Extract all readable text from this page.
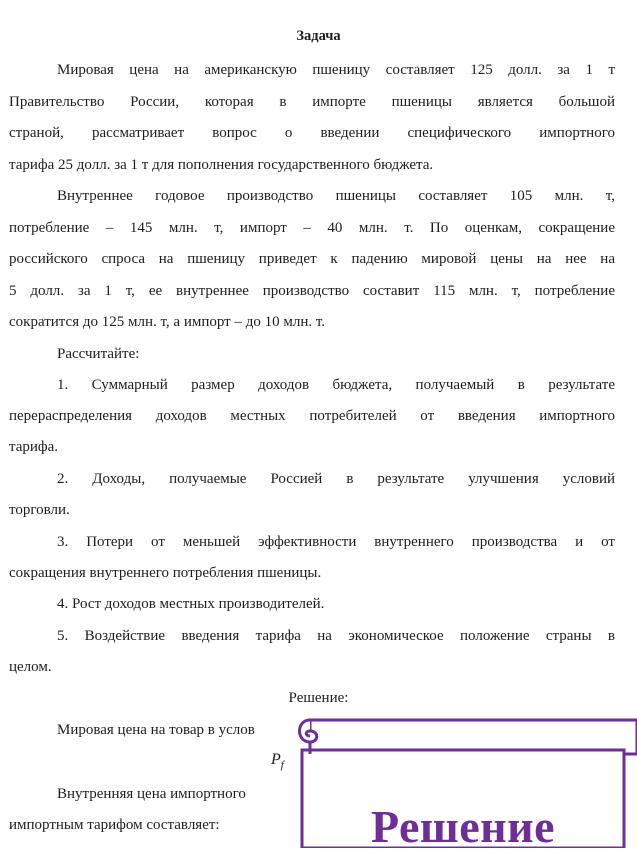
Задача
Мировая цена на американскую пшеницу составляет 125 долл. за 1 т
Правительство России, которая в импорте пшеницы является большой
страной, рассматривает вопрос о введении специфического импортного
тарифа 25 долл. за 1 т для пополнения государственного бюджета.
Внутреннее годовое производство пшеницы составляет 105 млн. т,
потребление – 145 млн. т, импорт – 40 млн. т. По оценкам, сокращение
российского спроса на пшеницу приведет к падению мировой цены на нее на
5 долл. за 1 т, ее внутреннее производство составит 115 млн. т, потребление
сократится до 125 млн. т, а импорт – до 10 млн. т.
Рассчитайте:
1. Суммарный размер доходов бюджета, получаемый в результате
перераспределения доходов местных потребителей от введения импортного
тарифа.
2. Доходы, получаемые Россией в результате улучшения условий
торговли.
3. Потери от меньшей эффективности внутреннего производства и от
сокращения внутреннего потребления пшеницы.
4. Рост доходов местных производителей.
5. Воздействие введения тарифа на экономическое положение страны в
целом.
Решение:
Мировая цена на товар в услов
$P_f$
Внутренняя цена импортного
импортным тарифом составляет:	Решение
